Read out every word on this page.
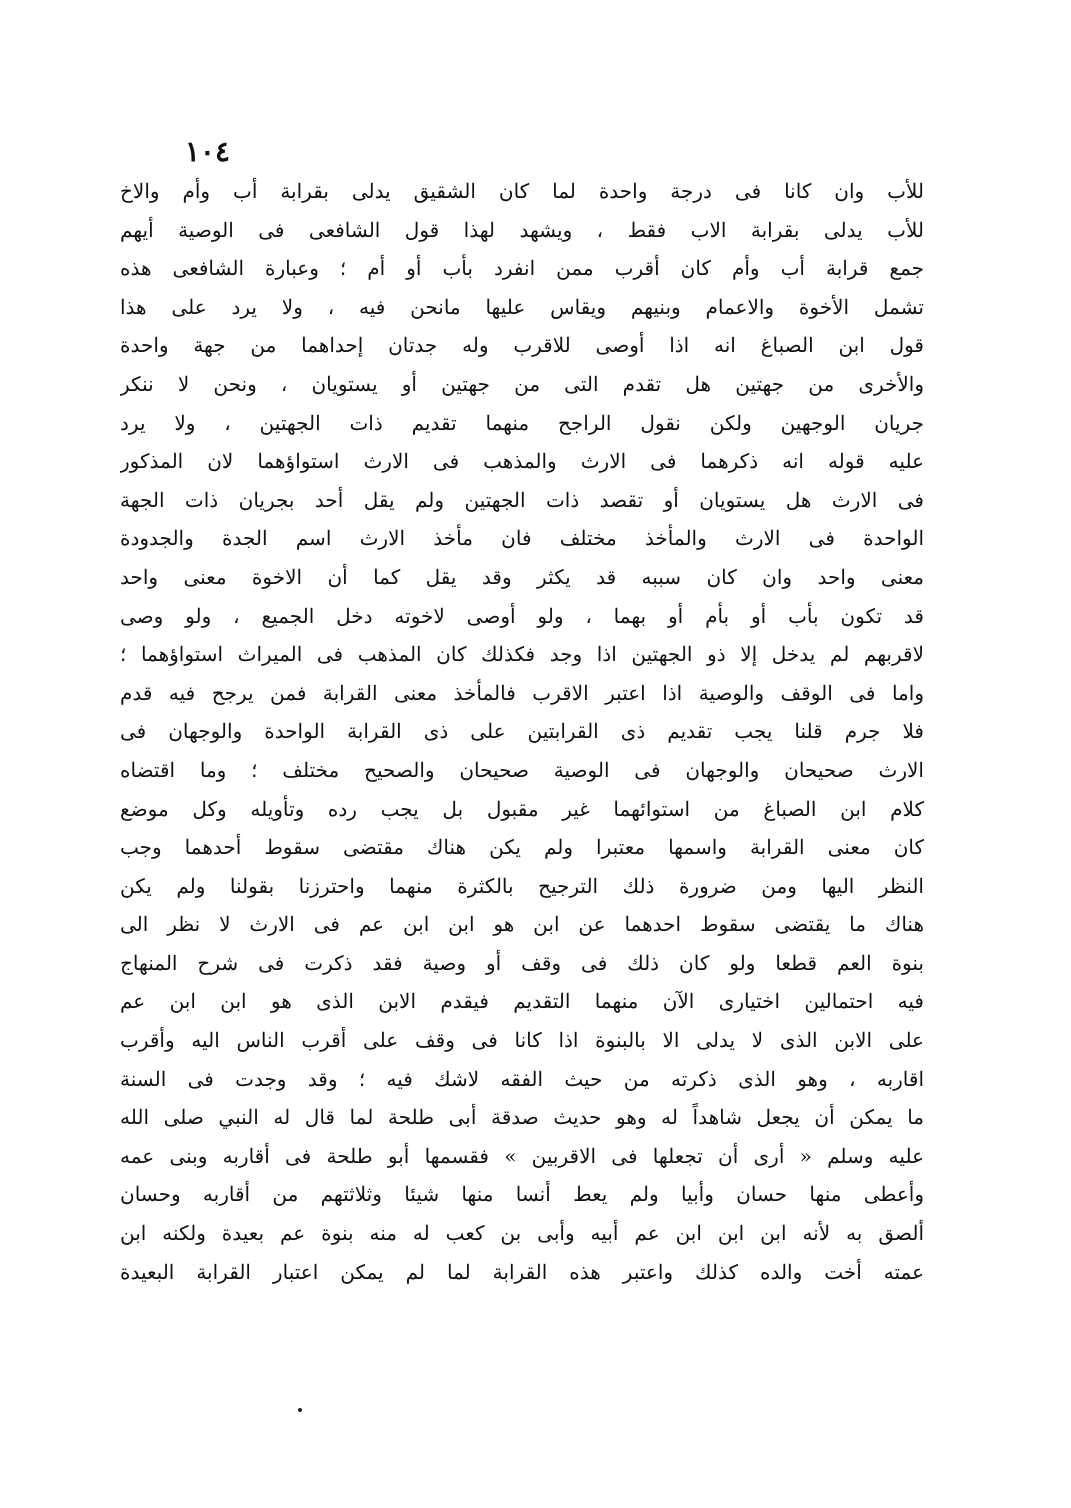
١٠٤
للأب وان كانا فى درجة واحدة لما كان الشقيق يدلى بقرابة أب وأم والاخ
للأب يدلى بقرابة الاب فقط ، ويشهد لهذا قول الشافعى فى الوصية أيهم
جمع قرابة أب وأم كان أقرب ممن انفرد بأب أو أم ؛ وعبارة الشافعى هذه
تشمل الأخوة والاعمام وبنيهم ويقاس عليها مانحن فيه ، ولا يرد على هذا
قول ابن الصباغ انه اذا أوصى للاقرب وله جدتان إحداهما من جهة واحدة
والأخرى من جهتين هل تقدم التى من جهتين أو يستويان ، ونحن لا ننكر
جريان الوجهين ولكن نقول الراجح منهما تقديم ذات الجهتين ، ولا يرد
عليه قوله انه ذكرهما فى الارث والمذهب فى الارث استواؤهما لان المذكور
فى الارث هل يستويان أو تقصد ذات الجهتين ولم يقل أحد بجريان ذات الجهة
الواحدة فى الارث والمأخذ مختلف فان مأخذ الارث اسم الجدة والجدودة
معنى واحد وان كان سببه قد يكثر وقد يقل كما أن الاخوة معنى واحد
قد تكون بأب أو بأم أو بهما ، ولو أوصى لاخوته دخل الجميع ، ولو وصى
لاقربهم لم يدخل إلا ذو الجهتين اذا وجد فكذلك كان المذهب فى الميراث استواؤهما ؛
واما فى الوقف والوصية اذا اعتبر الاقرب فالمأخذ معنى القرابة فمن يرجح فيه قدم
فلا جرم قلنا يجب تقديم ذى القرابتين على ذى القرابة الواحدة والوجهان فى
الارث صحيحان والوجهان فى الوصية صحيحان والصحيح مختلف ؛ وما اقتضاه
كلام ابن الصباغ من استوائهما غير مقبول بل يجب رده وتأويله وكل موضع
كان معنى القرابة واسمها معتبرا ولم يكن هناك مقتضى سقوط أحدهما وجب
النظر اليها ومن ضرورة ذلك الترجيح بالكثرة منهما واحترزنا بقولنا ولم يكن
هناك ما يقتضى سقوط احدهما عن ابن هو ابن ابن عم فى الارث لا نظر الى
بنوة العم قطعا ولو كان ذلك فى وقف أو وصية فقد ذكرت فى شرح المنهاج
فيه احتمالين اختيارى الآن منهما التقديم فيقدم الابن الذى هو ابن ابن عم
على الابن الذى لا يدلى الا بالبنوة اذا كانا فى وقف على أقرب الناس اليه وأقرب
اقاربه ، وهو الذى ذكرته من حيث الفقه لاشك فيه ؛ وقد وجدت فى السنة
ما يمكن أن يجعل شاهداً له وهو حديث صدقة أبى طلحة لما قال له النبي صلى الله
عليه وسلم « أرى أن تجعلها فى الاقربين » فقسمها أبو طلحة فى أقاربه وبنى عمه
وأعطى منها حسان وأبيا ولم يعط أنسا منها شيئا وثلاثتهم من أقاربه وحسان
ألصق به لأنه ابن ابن ابن عم أبيه وأبى بن كعب له منه بنوة عم بعيدة ولكنه ابن
عمته أخت والده كذلك واعتبر هذه القرابة لما لم يمكن اعتبار القرابة البعيدة
